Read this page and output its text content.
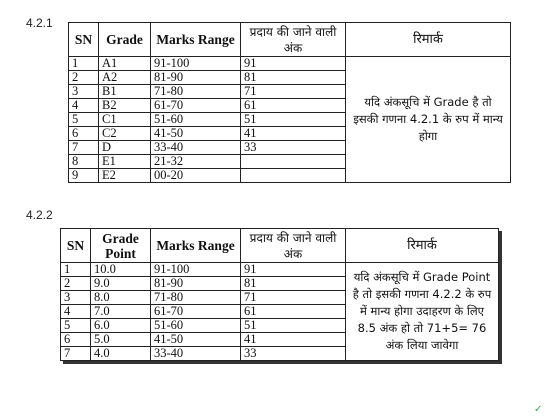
4.2.1
SN	Grade	Marks Range	प्रदाय की जाने वाली अंक	रिमार्क
1	A1	91-100	91	यदि अंकसूचि में Grade है तो इसकी गणना 4.2.1 के रुप में मान्य होगा
2	A2	81-90	81	
3	B1	71-80	71	
4	B2	61-70	61	
5	C1	51-60	51	
6	C2	41-50	41	
7	D	33-40	33	
8	E1	21-32		
9	E2	00-20		
4.2.2
SN	Grade Point	Marks Range	प्रदाय की जाने वाली अंक	रिमार्क
1	10.0	91-100	91	यदि अंकसूचि में Grade Point है तो इसकी गणना 4.2.2 के रुप में मान्य होगा उदाहरण के लिए 8.5 अंक हो तो 71+5= 76 अंक लिया जावेगा
2	9.0	81-90	81	
3	8.0	71-80	71	
4	7.0	61-70	61	
5	6.0	51-60	51	
6	5.0	41-50	41	
7	4.0	33-40	33	
✓
